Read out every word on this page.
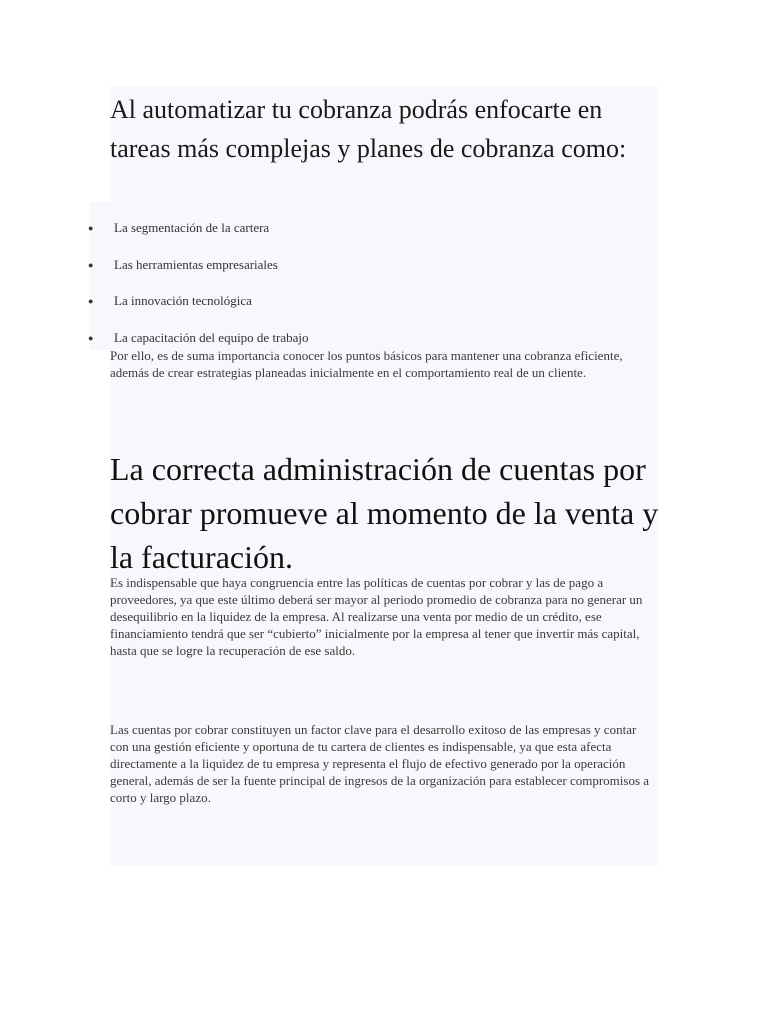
Al automatizar tu cobranza podrás enfocarte en tareas más complejas y planes de cobranza como:
● La segmentación de la cartera
● Las herramientas empresariales
● La innovación tecnológica
● La capacitación del equipo de trabajo

Por ello, es de suma importancia conocer los puntos básicos para mantener una cobranza eficiente, además de crear estrategias planeadas inicialmente en el comportamiento real de un cliente.

La correcta administración de cuentas por cobrar promueve al momento de la venta y la facturación.

Es indispensable que haya congruencia entre las políticas de cuentas por cobrar y las de pago a proveedores, ya que este último deberá ser mayor al periodo promedio de cobranza para no generar un desequilibrio en la liquidez de la empresa. Al realizarse una venta por medio de un crédito, ese financiamiento tendrá que ser “cubierto” inicialmente por la empresa al tener que invertir más capital, hasta que se logre la recuperación de ese saldo.

Las cuentas por cobrar constituyen un factor clave para el desarrollo exitoso de las empresas y contar con una gestión eficiente y oportuna de tu cartera de clientes es indispensable, ya que esta afecta directamente a la liquidez de tu empresa y representa el flujo de efectivo generado por la operación general, además de ser la fuente principal de ingresos de la organización para establecer compromisos a corto y largo plazo.
